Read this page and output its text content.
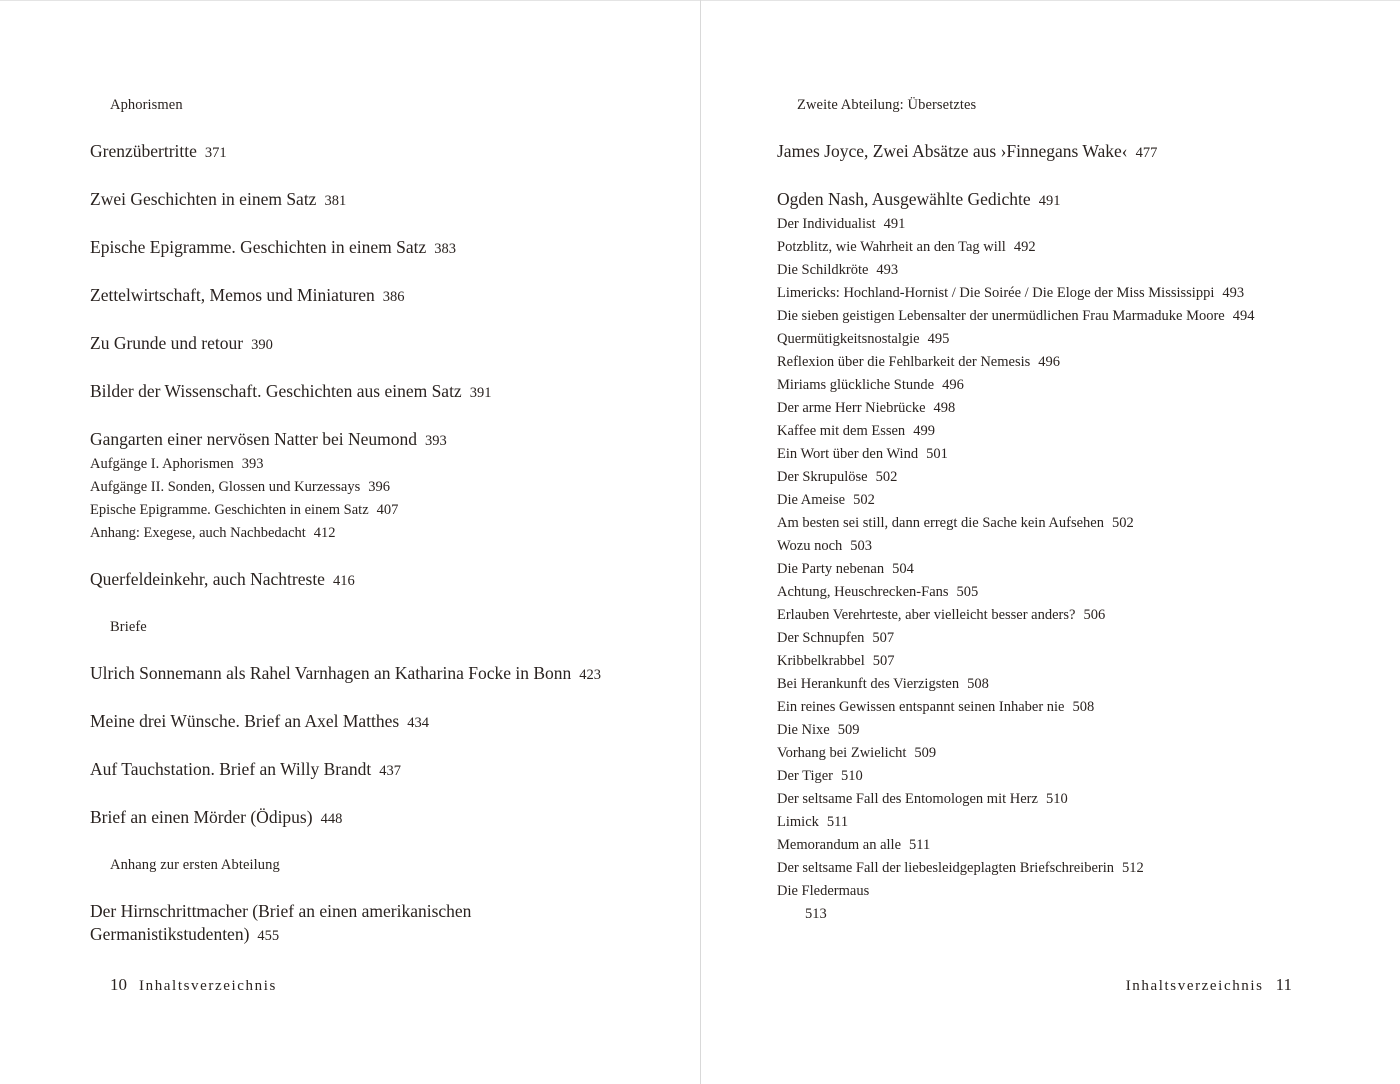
Aphorismen
Grenzübertritte 371
Zwei Geschichten in einem Satz 381
Epische Epigramme. Geschichten in einem Satz 383
Zettelwirtschaft, Memos und Miniaturen 386
Zu Grunde und retour 390
Bilder der Wissenschaft. Geschichten aus einem Satz 391
Gangarten einer nervösen Natter bei Neumond 393
Aufgänge I. Aphorismen 393
Aufgänge II. Sonden, Glossen und Kurzessays 396
Epische Epigramme. Geschichten in einem Satz 407
Anhang: Exegese, auch Nachbedacht 412
Querfeldeinkehr, auch Nachtreste 416
Briefe
Ulrich Sonnemann als Rahel Varnhagen an Katharina Focke in Bonn 423
Meine drei Wünsche. Brief an Axel Matthes 434
Auf Tauchstation. Brief an Willy Brandt 437
Brief an einen Mörder (Ödipus) 448
Anhang zur ersten Abteilung
Der Hirnschrittmacher (Brief an einen amerikanischen
Germanistikstudenten) 455
10 Inhaltsverzeichnis
Zweite Abteilung: Übersetztes
James Joyce, Zwei Absätze aus ›Finnegans Wake‹ 477
Ogden Nash, Ausgewählte Gedichte 491
Der Individualist 491
Potzblitz, wie Wahrheit an den Tag will 492
Die Schildkröte 493
Limericks: Hochland-Hornist / Die Soirée / Die Eloge der Miss Mississippi 493
Die sieben geistigen Lebensalter der unermüdlichen Frau Marmaduke Moore 494
Quermütigkeitsnostalgie 495
Reflexion über die Fehlbarkeit der Nemesis 496
Miriams glückliche Stunde 496
Der arme Herr Niebrücke 498
Kaffee mit dem Essen 499
Ein Wort über den Wind 501
Der Skrupulöse 502
Die Ameise 502
Am besten sei still, dann erregt die Sache kein Aufsehen 502
Wozu noch 503
Die Party nebenan 504
Achtung, Heuschrecken-Fans 505
Erlauben Verehrteste, aber vielleicht besser anders? 506
Der Schnupfen 507
Kribbelkrabbel 507
Bei Herankunft des Vierzigsten 508
Ein reines Gewissen entspannt seinen Inhaber nie 508
Die Nixe 509
Vorhang bei Zwielicht 509
Der Tiger 510
Der seltsame Fall des Entomologen mit Herz 510
Limick 511
Memorandum an alle 511
Der seltsame Fall der liebesleidgeplagten Briefschreiberin 512
Die Fledermaus
513
Inhaltsverzeichnis 11
